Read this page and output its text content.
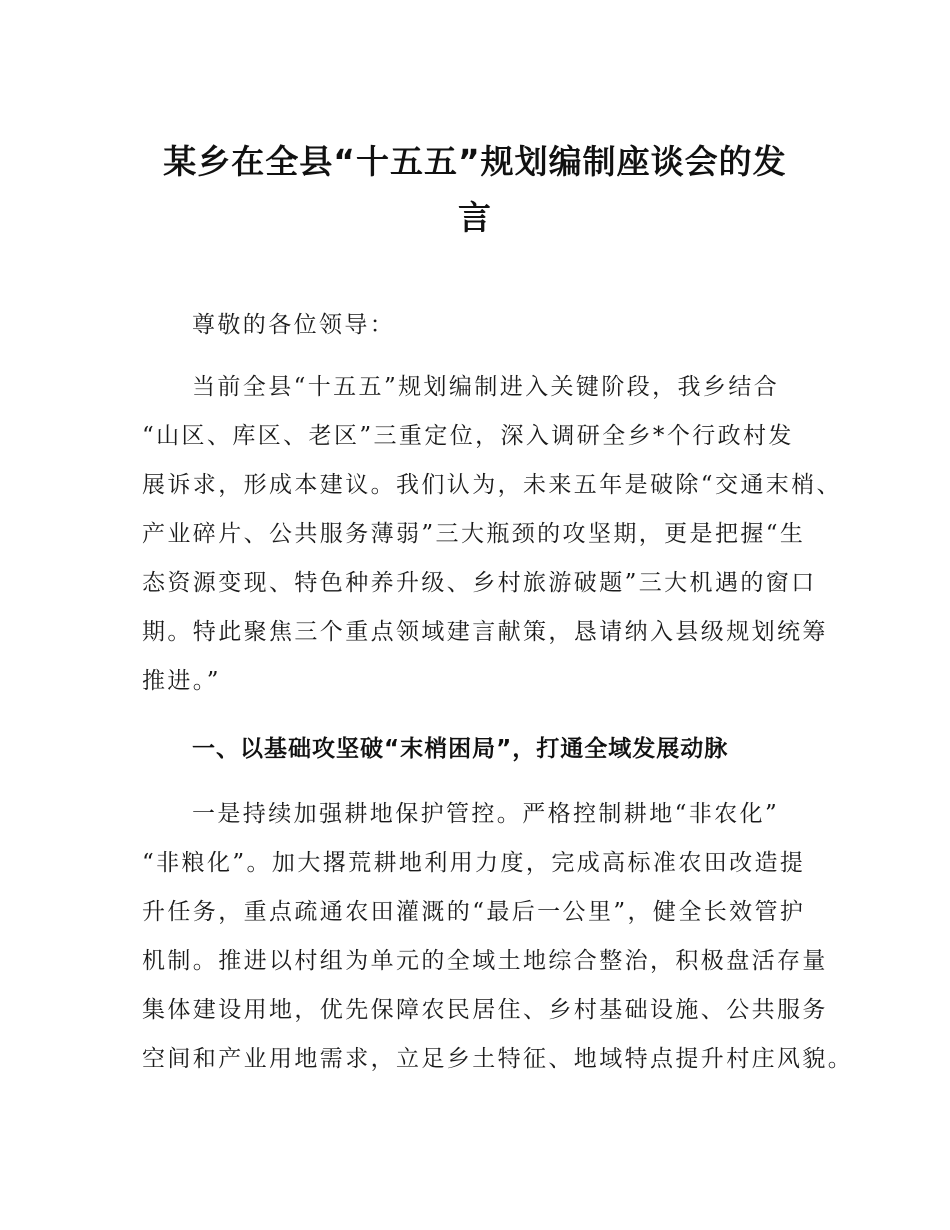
某乡在全县“十五五”规划编制座谈会的发
言

尊敬的各位领导：

当前全县“十五五”规划编制进入关键阶段，我乡结合
“山区、库区、老区”三重定位，深入调研全乡*个行政村发
展诉求，形成本建议。我们认为，未来五年是破除“交通末梢、
产业碎片、公共服务薄弱”三大瓶颈的攻坚期，更是把握“生
态资源变现、特色种养升级、乡村旅游破题”三大机遇的窗口
期。特此聚焦三个重点领域建言献策，恳请纳入县级规划统筹
推进。”

一、以基础攻坚破“末梢困局”，打通全域发展动脉

一是持续加强耕地保护管控。严格控制耕地“非农化”
“非粮化”。加大撂荒耕地利用力度，完成高标准农田改造提
升任务，重点疏通农田灌溉的“最后一公里”，健全长效管护
机制。推进以村组为单元的全域土地综合整治，积极盘活存量
集体建设用地，优先保障农民居住、乡村基础设施、公共服务
空间和产业用地需求，立足乡土特征、地域特点提升村庄风貌。
